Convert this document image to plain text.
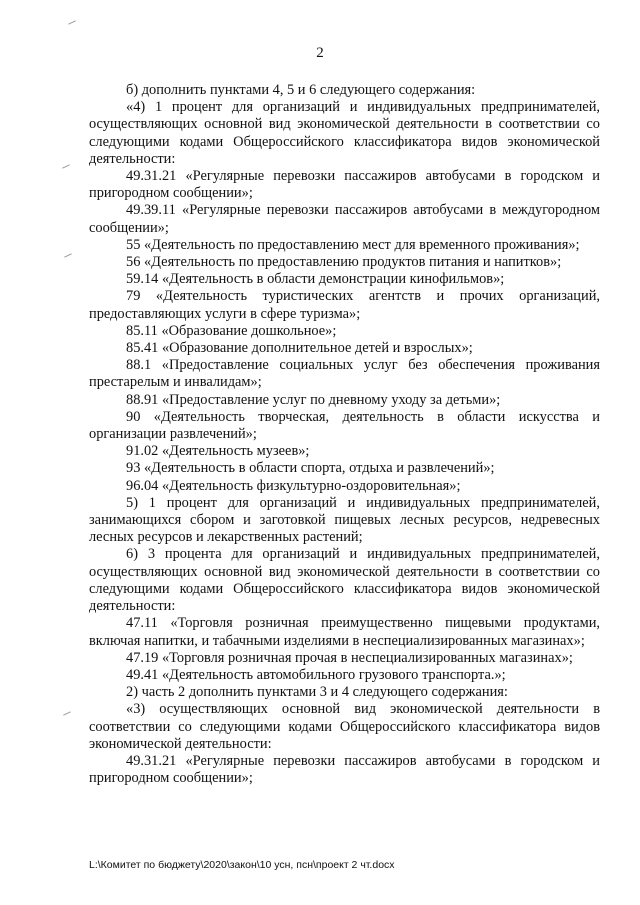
2

б) дополнить пунктами 4, 5 и 6 следующего содержания:

«4) 1 процент для организаций и индивидуальных предпринимателей, осуществляющих основной вид экономической деятельности в соответствии со следующими кодами Общероссийского классификатора видов экономической деятельности:

49.31.21 «Регулярные перевозки пассажиров автобусами в городском и пригородном сообщении»;

49.39.11 «Регулярные перевозки пассажиров автобусами в междугородном сообщении»;

55 «Деятельность по предоставлению мест для временного проживания»;

56 «Деятельность по предоставлению продуктов питания и напитков»;

59.14 «Деятельность в области демонстрации кинофильмов»;

79 «Деятельность туристических агентств и прочих организаций, предоставляющих услуги в сфере туризма»;

85.11 «Образование дошкольное»;

85.41 «Образование дополнительное детей и взрослых»;

88.1 «Предоставление социальных услуг без обеспечения проживания престарелым и инвалидам»;

88.91 «Предоставление услуг по дневному уходу за детьми»;

90 «Деятельность творческая, деятельность в области искусства и организации развлечений»;

91.02 «Деятельность музеев»;

93 «Деятельность в области спорта, отдыха и развлечений»;

96.04 «Деятельность физкультурно-оздоровительная»;

5) 1 процент для организаций и индивидуальных предпринимателей, занимающихся сбором и заготовкой пищевых лесных ресурсов, недревесных лесных ресурсов и лекарственных растений;

6) 3 процента для организаций и индивидуальных предпринимателей, осуществляющих основной вид экономической деятельности в соответствии со следующими кодами Общероссийского классификатора видов экономической деятельности:

47.11 «Торговля розничная преимущественно пищевыми продуктами, включая напитки, и табачными изделиями в неспециализированных магазинах»;

47.19 «Торговля розничная прочая в неспециализированных магазинах»;

49.41 «Деятельность автомобильного грузового транспорта.»;

2) часть 2 дополнить пунктами 3 и 4 следующего содержания:

«3) осуществляющих основной вид экономической деятельности в соответствии со следующими кодами Общероссийского классификатора видов экономической деятельности:

49.31.21 «Регулярные перевозки пассажиров автобусами в городском и пригородном сообщении»;

L:\Комитет по бюджету\2020\закон\10 усн, псн\проект 2 чт.docx
